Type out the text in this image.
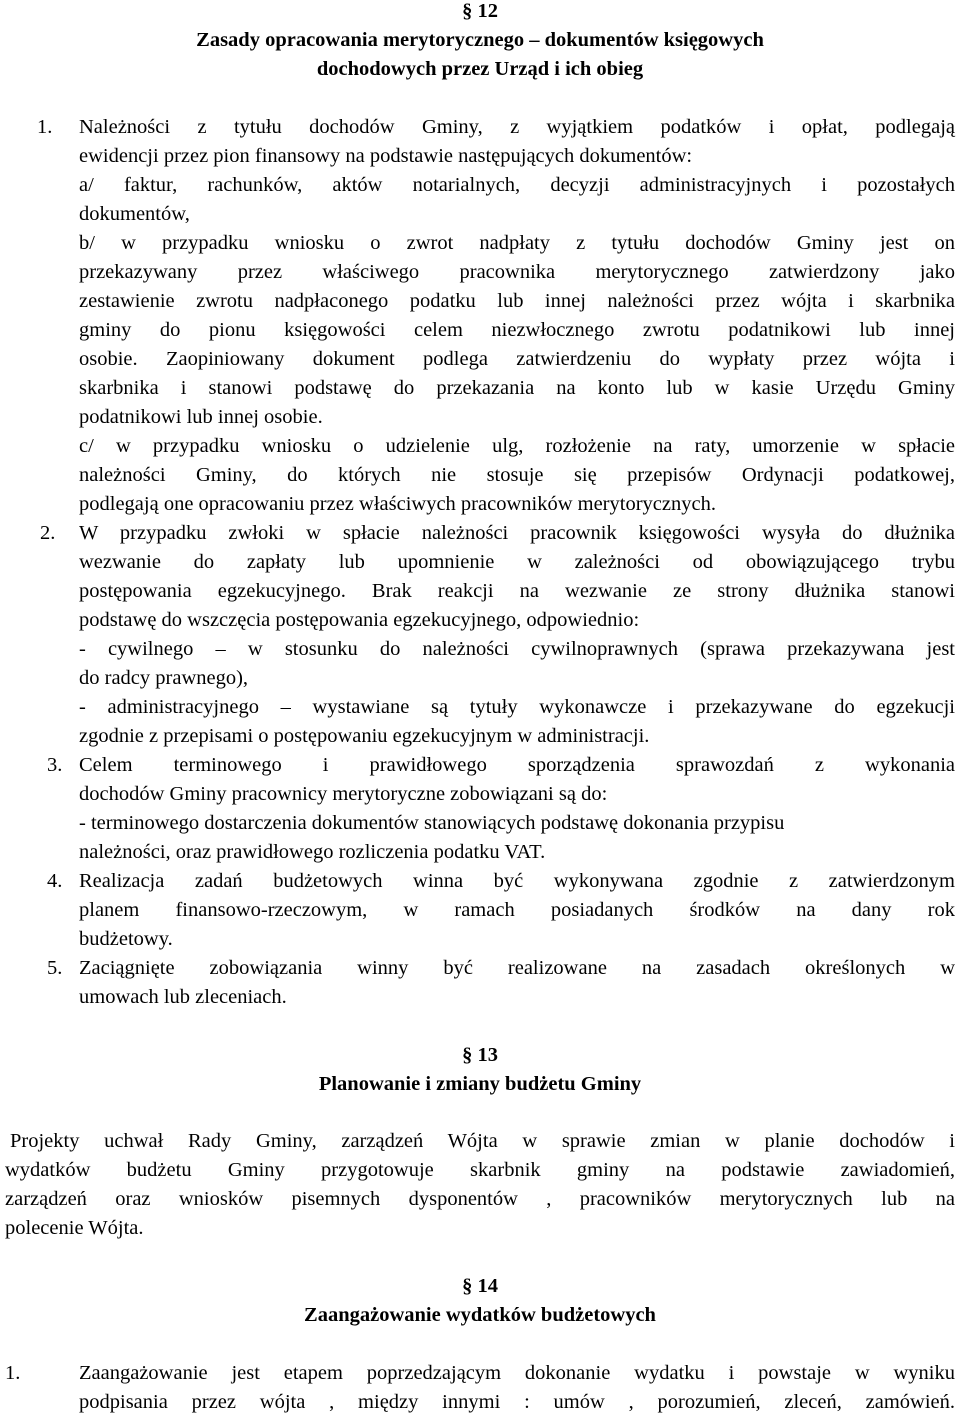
§ 12
Zasady opracowania merytorycznego – dokumentów księgowych
dochodowych przez Urząd i ich obieg
1. Należności z tytułu dochodów Gminy, z wyjątkiem podatków i opłat, podlegają
ewidencji przez pion finansowy na podstawie następujących dokumentów:
a/ faktur, rachunków, aktów notarialnych, decyzji administracyjnych i pozostałych
dokumentów,
b/ w przypadku wniosku o zwrot nadpłaty z tytułu dochodów Gminy jest on
przekazywany przez właściwego pracownika merytorycznego zatwierdzony jako
zestawienie zwrotu nadpłaconego podatku lub innej należności przez wójta i skarbnika
gminy do pionu księgowości celem niezwłocznego zwrotu podatnikowi lub innej
osobie. Zaopiniowany dokument podlega zatwierdzeniu do wypłaty przez wójta i
skarbnika i stanowi podstawę do przekazania na konto lub w kasie Urzędu Gminy
podatnikowi lub innej osobie.
c/ w przypadku wniosku o udzielenie ulg, rozłożenie na raty, umorzenie w spłacie
należności Gminy, do których nie stosuje się przepisów Ordynacji podatkowej,
podlegają one opracowaniu przez właściwych pracowników merytorycznych.
2. W przypadku zwłoki w spłacie należności pracownik księgowości wysyła do dłużnika
wezwanie do zapłaty lub upomnienie w zależności od obowiązującego trybu
postępowania egzekucyjnego. Brak reakcji na wezwanie ze strony dłużnika stanowi
podstawę do wszczęcia postępowania egzekucyjnego, odpowiednio:
- cywilnego – w stosunku do należności cywilnoprawnych (sprawa przekazywana jest
do radcy prawnego),
- administracyjnego – wystawiane są tytuły wykonawcze i przekazywane do egzekucji
zgodnie z przepisami o postępowaniu egzekucyjnym w administracji.
3. Celem terminowego i prawidłowego sporządzenia sprawozdań z wykonania
dochodów Gminy pracownicy merytoryczne zobowiązani są do:
- terminowego dostarczenia dokumentów stanowiących podstawę dokonania przypisu
należności, oraz prawidłowego rozliczenia podatku VAT.
4. Realizacja zadań budżetowych winna być wykonywana zgodnie z zatwierdzonym
planem finansowo-rzeczowym, w ramach posiadanych środków na dany rok
budżetowy.
5. Zaciągnięte zobowiązania winny być realizowane na zasadach określonych w
umowach lub zleceniach.
§ 13
Planowanie i zmiany budżetu Gminy
Projekty uchwał Rady Gminy, zarządzeń Wójta w sprawie zmian w planie dochodów i
wydatków budżetu Gminy przygotowuje skarbnik gminy na podstawie zawiadomień,
zarządzeń oraz wniosków pisemnych dysponentów , pracowników merytorycznych lub na
polecenie Wójta.
§ 14
Zaangażowanie wydatków budżetowych
1.	Zaangażowanie jest etapem poprzedzającym dokonanie wydatku i powstaje w wyniku
podpisania przez wójta , między innymi : umów , porozumień, zleceń, zamówień.
